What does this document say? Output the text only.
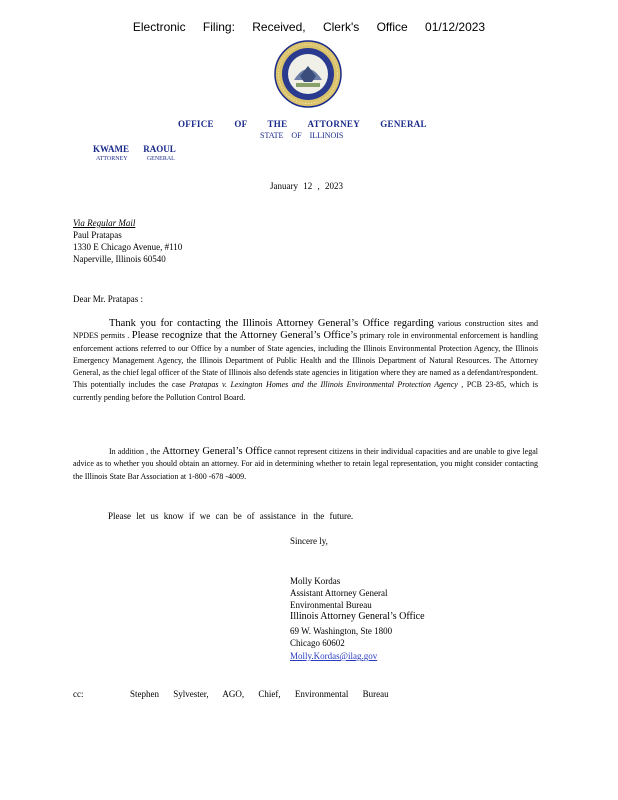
Electronic Filing: Received, Clerk's Office 01/12/2023
OFFICE OF THE ATTORNEY GENERAL
STATE OF ILLINOIS
KWAME RAOUL
ATTORNEY	GENERAL
January 12 , 2023
Via Regular Mail
Paul Pratapas
1330 E Chicago Avenue, #110
Naperville, Illinois 60540
Dear Mr. Pratapas :
Thank you for contacting the Illinois Attorney General’s Office regarding various construction sites and NPDES permits . Please recognize that the Attorney General’s Office’s primary role in environmental enforcement is handling enforcement actions referred to our Office by a number of State agencies, including the Illinois Environmental Protection Agency, the Illinois Emergency Management Agency, the Illinois Department of Public Health and the Illinois Department of Natural Resources. The Attorney General, as the chief legal officer of the State of Illinois also defends state agencies in litigation where they are named as a defendant/respondent. This potentially includes the case Pratapas v. Lexington Homes and the Illinois Environmental Protection Agency , PCB 23-85, which is currently pending before the Pollution Control Board.
In addition , the Attorney General’s Office cannot represent citizens in their individual capacities and are unable to give legal advice as to whether you should obtain an attorney. For aid in determining whether to retain legal representation, you might consider contacting the Illinois State Bar Association at 1-800 -678 -4009.
Please let us know if we can be of assistance in the future.
Sincere ly,
Molly Kordas
Assistant Attorney General
Environmental Bureau
Illinois Attorney General’s Office
69 W. Washington, Ste 1800
Chicago 60602
Molly.Kordas@ilag.gov
cc:	Stephen Sylvester, AGO, Chief, Environmental Bureau
